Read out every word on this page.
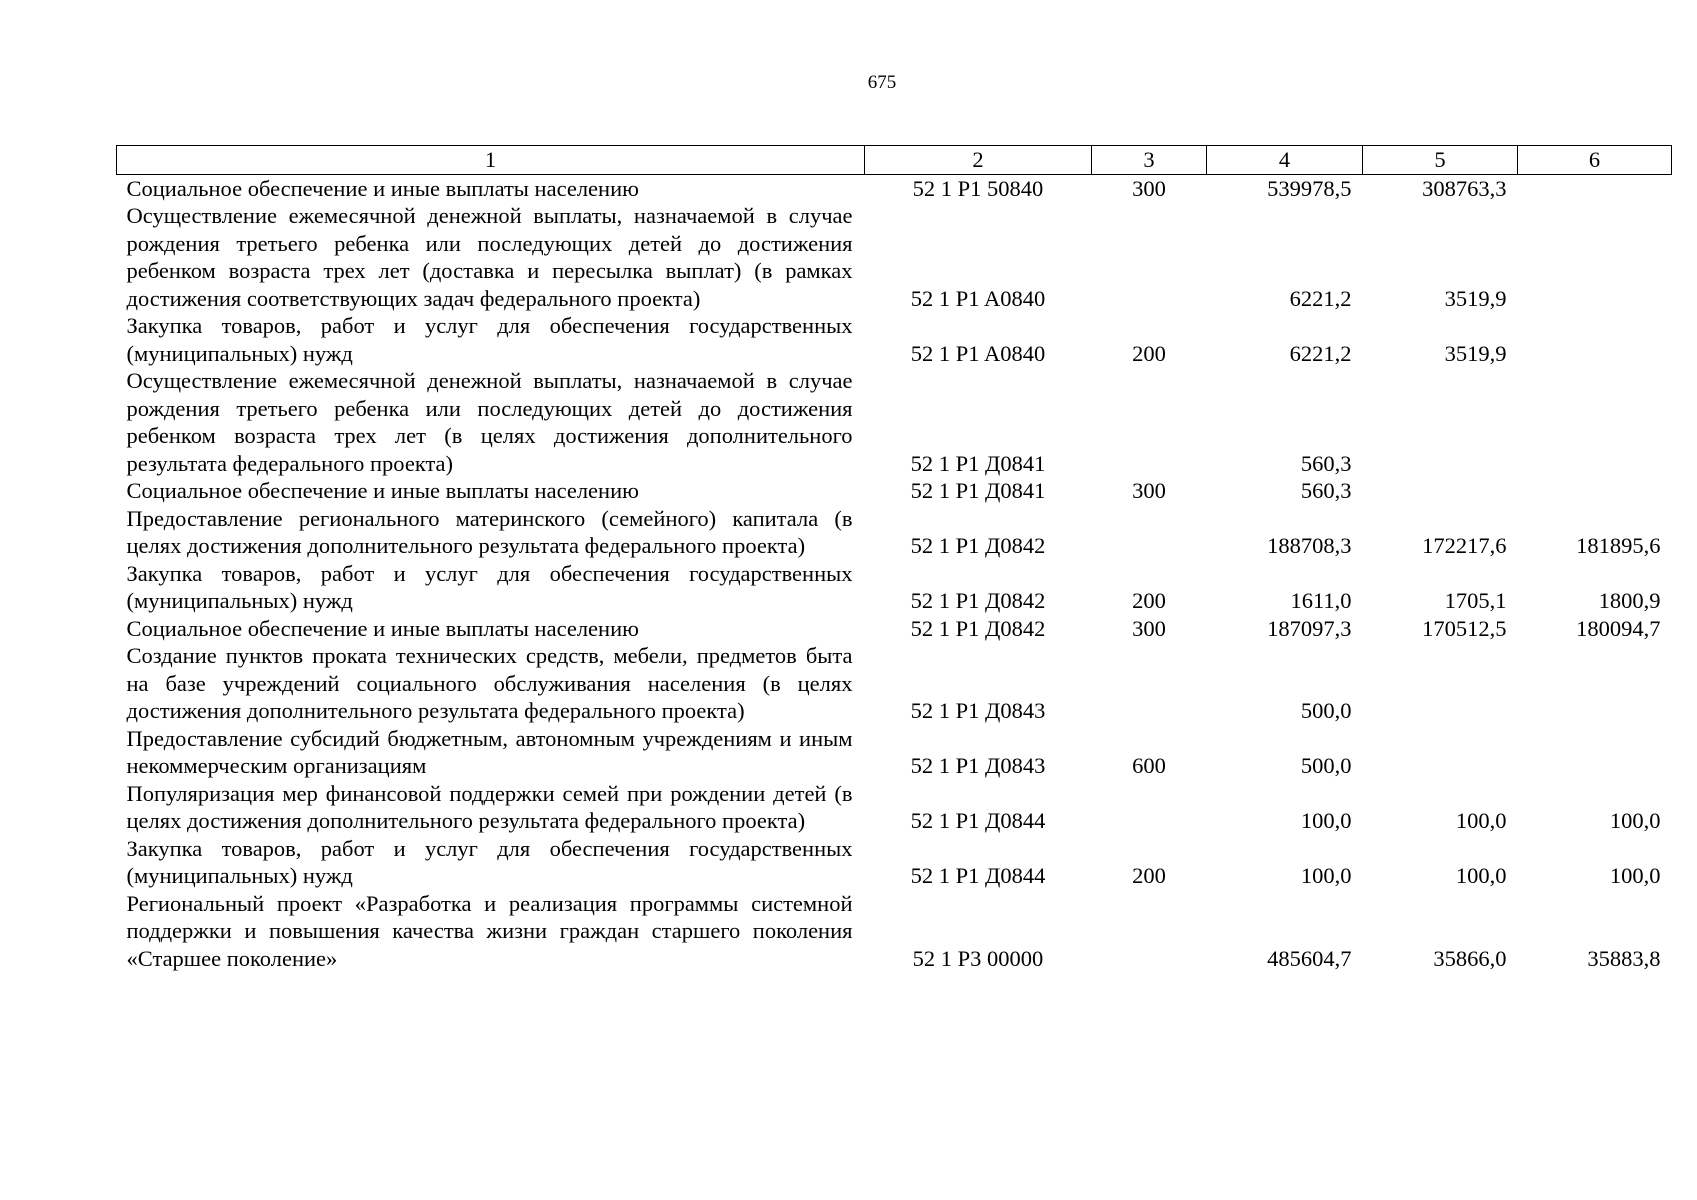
675
1	2	3	4	5	6
Социальное обеспечение и иные выплаты населению	52 1 P1 50840	300	539978,5	308763,3	
Осуществление ежемесячной денежной выплаты, назначаемой в случае рождения третьего ребенка или последующих детей до достижения ребенком возраста трех лет (доставка и пересылка выплат) (в рамках достижения соответствующих задач федерального проекта)	52 1 P1 A0840		6221,2	3519,9	
Закупка товаров, работ и услуг для обеспечения государственных (муниципальных) нужд	52 1 P1 A0840	200	6221,2	3519,9	
Осуществление ежемесячной денежной выплаты, назначаемой в случае рождения третьего ребенка или последующих детей до достижения ребенком возраста трех лет (в целях достижения дополнительного результата федерального проекта)	52 1 P1 Д0841		560,3		
Социальное обеспечение и иные выплаты населению	52 1 P1 Д0841	300	560,3		
Предоставление регионального материнского (семейного) капитала (в целях достижения дополнительного результата федерального проекта)	52 1 P1 Д0842		188708,3	172217,6	181895,6
Закупка товаров, работ и услуг для обеспечения государственных (муниципальных) нужд	52 1 P1 Д0842	200	1611,0	1705,1	1800,9
Социальное обеспечение и иные выплаты населению	52 1 P1 Д0842	300	187097,3	170512,5	180094,7
Создание пунктов проката технических средств, мебели, предметов быта на базе учреждений социального обслуживания населения (в целях достижения дополнительного результата федерального проекта)	52 1 P1 Д0843		500,0		
Предоставление субсидий бюджетным, автономным учреждениям и иным некоммерческим организациям	52 1 P1 Д0843	600	500,0		
Популяризация мер финансовой поддержки семей при рождении детей (в целях достижения дополнительного результата федерального проекта)	52 1 P1 Д0844		100,0	100,0	100,0
Закупка товаров, работ и услуг для обеспечения государственных (муниципальных) нужд	52 1 P1 Д0844	200	100,0	100,0	100,0
Региональный проект «Разработка и реализация программы системной поддержки и повышения качества жизни граждан старшего поколения «Старшее поколение»	52 1 P3 00000		485604,7	35866,0	35883,8
